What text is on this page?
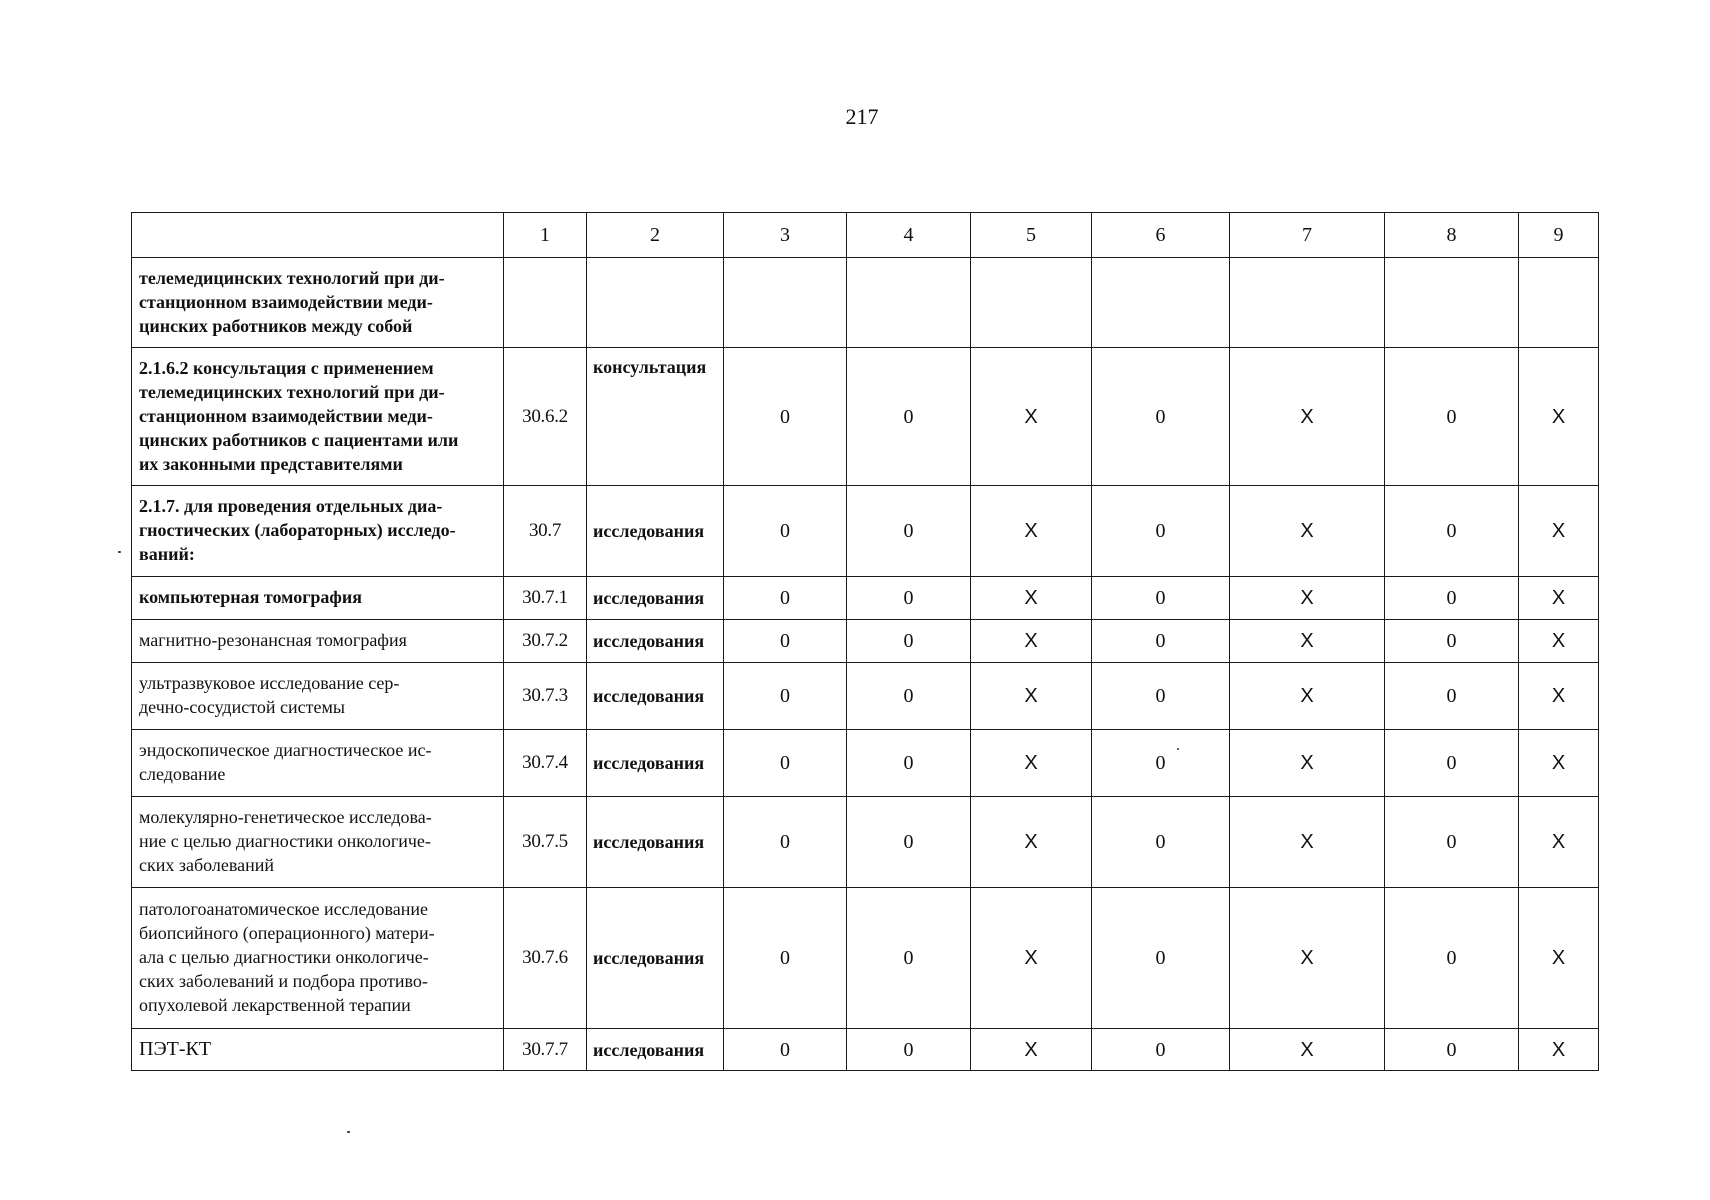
217
	1	2	3	4	5	6	7	8	9

телемедицинских технологий при ди-
станционном взаимодействии меди-
цинских работников между собой									

2.1.6.2 консультация с применением
телемедицинских технологий при ди-
станционном взаимодействии меди-
цинских работников с пациентами или
их законными представителями	30.6.2	консультация	0	0	Х	0	Х	0	Х

2.1.7. для проведения отдельных диа-
гностических (лабораторных) исследо-
ваний:	30.7	исследования	0	0	Х	0	Х	0	Х

компьютерная томография	30.7.1	исследования	0	0	Х	0	Х	0	Х

магнитно-резонансная томография	30.7.2	исследования	0	0	Х	0	Х	0	Х

ультразвуковое исследование сер-
дечно-сосудистой системы	30.7.3	исследования	0	0	Х	0	Х	0	Х

эндоскопическое диагностическое ис-
следование	30.7.4	исследования	0	0	Х	0	Х	0	Х

молекулярно-генетическое исследова-
ние с целью диагностики онкологиче-
ских заболеваний	30.7.5	исследования	0	0	Х	0	Х	0	Х

патологоанатомическое исследование
биопсийного (операционного) матери-
ала с целью диагностики онкологиче-
ских заболеваний и подбора противо-
опухолевой лекарственной терапии	30.7.6	исследования	0	0	Х	0	Х	0	Х

ПЭТ-КТ	30.7.7	исследования	0	0	Х	0	Х	0	Х
